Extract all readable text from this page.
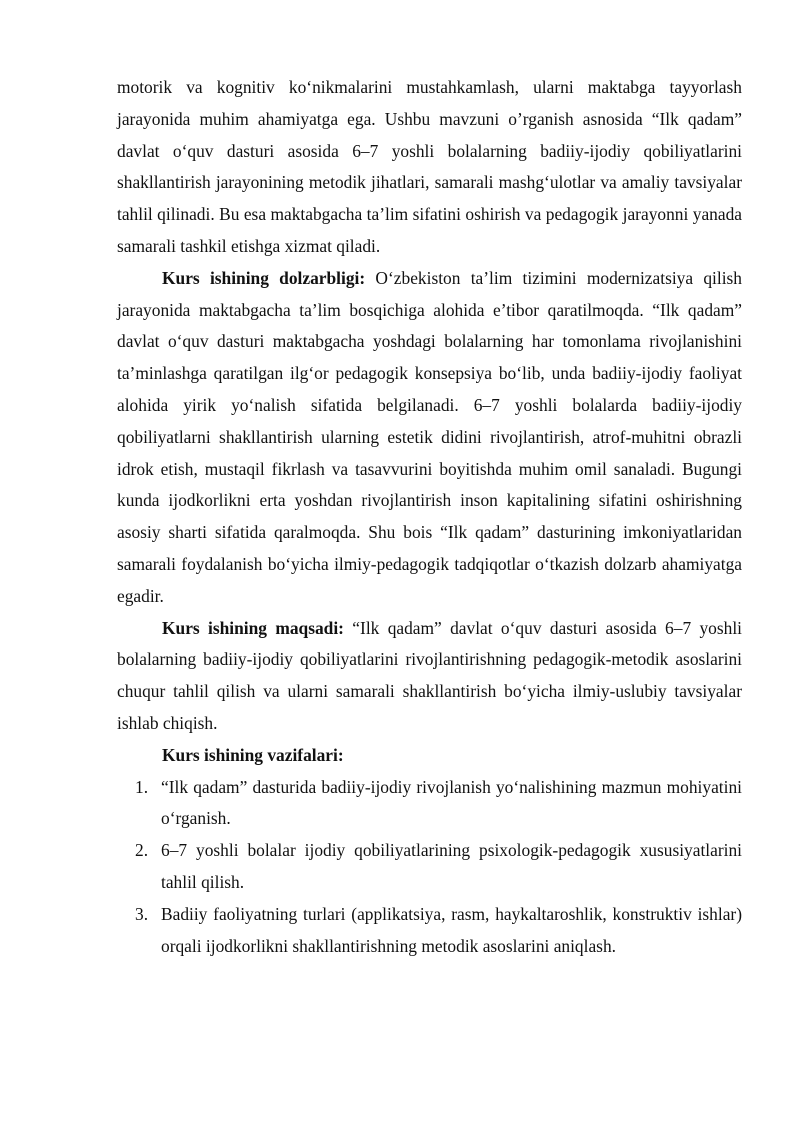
motorik va kognitiv ko‘nikmalarini mustahkamlash, ularni maktabga tayyorlash jarayonida muhim ahamiyatga ega. Ushbu mavzuni o’rganish asnosida “Ilk qadam” davlat o‘quv dasturi asosida 6–7 yoshli bolalarning badiiy-ijodiy qobiliyatlarini shakllantirish jarayonining metodik jihatlari, samarali mashg‘ulotlar va amaliy tavsiyalar tahlil qilinadi. Bu esa maktabgacha ta’lim sifatini oshirish va pedagogik jarayonni yanada samarali tashkil etishga xizmat qiladi.

Kurs ishining dolzarbligi: O‘zbekiston ta’lim tizimini modernizatsiya qilish jarayonida maktabgacha ta’lim bosqichiga alohida e’tibor qaratilmoqda. “Ilk qadam” davlat o‘quv dasturi maktabgacha yoshdagi bolalarning har tomonlama rivojlanishini ta’minlashga qaratilgan ilg‘or pedagogik konsepsiya bo‘lib, unda badiiy-ijodiy faoliyat alohida yirik yo‘nalish sifatida belgilanadi. 6–7 yoshli bolalarda badiiy-ijodiy qobiliyatlarni shakllantirish ularning estetik didini rivojlantirish, atrof-muhitni obrazli idrok etish, mustaqil fikrlash va tasavvurini boyitishda muhim omil sanaladi. Bugungi kunda ijodkorlikni erta yoshdan rivojlantirish inson kapitalining sifatini oshirishning asosiy sharti sifatida qaralmoqda. Shu bois “Ilk qadam” dasturining imkoniyatlaridan samarali foydalanish bo‘yicha ilmiy-pedagogik tadqiqotlar o‘tkazish dolzarb ahamiyatga egadir.

Kurs ishining maqsadi: “Ilk qadam” davlat o‘quv dasturi asosida 6–7 yoshli bolalarning badiiy-ijodiy qobiliyatlarini rivojlantirishning pedagogik-metodik asoslarini chuqur tahlil qilish va ularni samarali shakllantirish bo‘yicha ilmiy-uslubiy tavsiyalar ishlab chiqish.

Kurs ishining vazifalari:

1. “Ilk qadam” dasturida badiiy-ijodiy rivojlanish yo‘nalishining mazmun mohiyatini o‘rganish.
2. 6–7 yoshli bolalar ijodiy qobiliyatlarining psixologik-pedagogik xususiyatlarini tahlil qilish.
3. Badiiy faoliyatning turlari (applikatsiya, rasm, haykaltaroshlik, konstruktiv ishlar) orqali ijodkorlikni shakllantirishning metodik asoslarini aniqlash.
